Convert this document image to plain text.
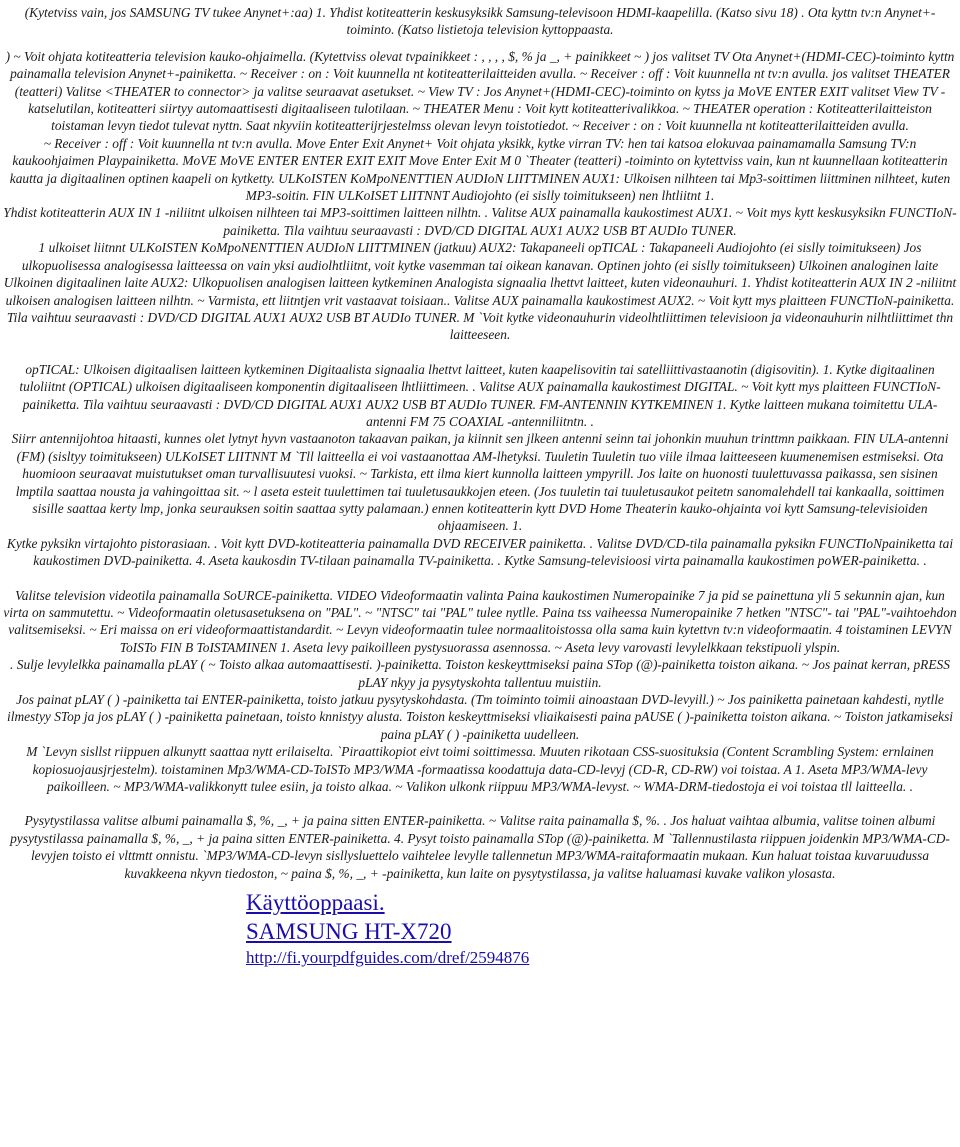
(Kytetviss vain, jos SAMSUNG TV tukee Anynet+:aa) 1. Yhdist kotiteatterin keskusyksikk Samsung-televisoon HDMI-kaapelilla. (Katso sivu 18) . Ota kyttn tv:n Anynet+-toiminto. (Katso listietoja television kyttoppaasta.

) ~ Voit ohjata kotiteatteria television kauko-ohjaimella. (Kytettviss olevat tvpainikkeet : , , , , $, % ja _, + painikkeet ~ ) jos valitset TV Ota Anynet+(HDMI-CEC)-toiminto kyttn painamalla television Anynet+-painiketta. ~ Receiver : on : Voit kuunnella nt kotiteatterilaitteiden avulla. ~ Receiver : off : Voit kuunnella nt tv:n avulla. jos valitset THEATER (teatteri) Valitse <THEATER to connector> ja valitse seuraavat asetukset. ~ View TV : Jos Anynet+(HDMI-CEC)-toiminto on kytss ja MoVE ENTER EXIT valitset View TV -katselutilan, kotiteatteri siirtyy automaattisesti digitaaliseen tulotilaan. ~ THEATER Menu : Voit kytt kotiteatterivalikkoa. ~ THEATER operation : Kotiteatterilaitteiston toistaman levyn tiedot tulevat nyttn. Saat nkyviin kotiteatterijrjestelmss olevan levyn toistotiedot. ~ Receiver : on : Voit kuunnella nt kotiteatterilaitteiden avulla.

~ Receiver : off : Voit kuunnella nt tv:n avulla. Move Enter Exit Anynet+ Voit ohjata yksikk, kytke virran TV: hen tai katsoa elokuvaa painamamalla Samsung TV:n kaukoohjaimen Playpainiketta. MoVE MoVE ENTER ENTER EXIT EXIT Move Enter Exit M 0 `Theater (teatteri) -toiminto on kytettviss vain, kun nt kuunnellaan kotiteatterin kautta ja digitaalinen optinen kaapeli on kytketty. ULKoISTEN KoMpoNENTTIEN AUDIoN LIITTMINEN AUX1: Ulkoisen nilhteen tai Mp3-soittimen liittminen nilhteet, kuten MP3-soitin. FIN ULKoISET LIITNNT Audiojohto (ei sislly toimitukseen) nen lhtliitnt 1.

Yhdist kotiteatterin AUX IN 1 -niliitnt ulkoisen nilhteen tai MP3-soittimen laitteen nilhtn. . Valitse AUX painamalla kaukostimest AUX1. ~ Voit mys kytt keskusyksikn FUNCTIoN-painiketta. Tila vaihtuu seuraavasti : DVD/CD DIGITAL AUX1 AUX2 USB BT AUDIo TUNER.

1 ulkoiset liitnnt ULKoISTEN KoMpoNENTTIEN AUDIoN LIITTMINEN (jatkuu) AUX2: Takapaneeli opTICAL : Takapaneeli Audiojohto (ei sislly toimitukseen) Jos ulkopuolisessa analogisessa laitteessa on vain yksi audiolhtliitnt, voit kytke vasemman tai oikean kanavan. Optinen johto (ei sislly toimitukseen) Ulkoinen analoginen laite Ulkoinen digitaalinen laite AUX2: Ulkopuolisen analogisen laitteen kytkeminen Analogista signaalia lhettvt laitteet, kuten videonauhuri. 1. Yhdist kotiteatterin AUX IN 2 -niliitnt ulkoisen analogisen laitteen nilhtn. ~ Varmista, ett liitntjen vrit vastaavat toisiaan.. Valitse AUX painamalla kaukostimest AUX2. ~ Voit kytt mys plaitteen FUNCTIoN-painiketta. Tila vaihtuu seuraavasti : DVD/CD DIGITAL AUX1 AUX2 USB BT AUDIo TUNER. M `Voit kytke videonauhurin videolhtliittimen televisioon ja videonauhurin nilhtliittimet thn laitteeseen.

opTICAL: Ulkoisen digitaalisen laitteen kytkeminen Digitaalista signaalia lhettvt laitteet, kuten kaapelisovitin tai satelliittivastaanotin (digisovitin). 1. Kytke digitaalinen tuloliitnt (OPTICAL) ulkoisen digitaaliseen komponentin digitaaliseen lhtliittimeen. . Valitse AUX painamalla kaukostimest DIGITAL. ~ Voit kytt mys plaitteen FUNCTIoN-painiketta. Tila vaihtuu seuraavasti : DVD/CD DIGITAL AUX1 AUX2 USB BT AUDIo TUNER. FM-ANTENNIN KYTKEMINEN 1. Kytke laitteen mukana toimitettu ULA-antenni FM 75 COAXIAL -antenniliitntn. .

Siirr antennijohtoa hitaasti, kunnes olet lytnyt hyvn vastaanoton takaavan paikan, ja kiinnit sen jlkeen antenni seinn tai johonkin muuhun trinttmn paikkaan. FIN ULA-antenni (FM) (sisltyy toimitukseen) ULKoISET LIITNNT M `Tll laitteella ei voi vastaanottaa AM-lhetyksi. Tuuletin Tuuletin tuo viile ilmaa laitteeseen kuumenemisen estmiseksi. Ota huomioon seuraavat muistutukset oman turvallisuutesi vuoksi. ~ Tarkista, ett ilma kiert kunnolla laitteen ympyrill. Jos laite on huonosti tuulettuvassa paikassa, sen sisinen lmptila saattaa nousta ja vahingoittaa sit. ~ l aseta esteit tuulettimen tai tuuletusaukkojen eteen. (Jos tuuletin tai tuuletusaukot peitetn sanomalehdell tai kankaalla, soittimen sisille saattaa kerty lmp, jonka seurauksen soitin saattaa sytty palamaan.) ennen kotiteatterin kytt DVD Home Theaterin kauko-ohjainta voi kytt Samsung-televisioiden ohjaamiseen. 1.

Kytke pyksikn virtajohto pistorasiaan. . Voit kytt DVD-kotiteatteria painamalla DVD RECEIVER painiketta. . Valitse DVD/CD-tila painamalla pyksikn FUNCTIoNpainiketta tai kaukostimen DVD-painiketta. 4. Aseta kaukosdin TV-tilaan painamalla TV-painiketta. . Kytke Samsung-televisioosi virta painamalla kaukostimen poWER-painiketta. .

Valitse television videotila painamalla SoURCE-painiketta. VIDEO Videoformaatin valinta Paina kaukostimen Numeropainike 7 ja pid se painettuna yli 5 sekunnin ajan, kun virta on sammutettu. ~ Videoformaatin oletusasetuksena on "PAL". ~ "NTSC" tai "PAL" tulee nytlle. Paina tss vaiheessa Numeropainike 7 hetken "NTSC"- tai "PAL"-vaihtoehdon valitsemiseksi. ~ Eri maissa on eri videoformaattistandardit. ~ Levyn videoformaatin tulee normaalitoistossa olla sama kuin kytettvn tv:n videoformaatin. 4 toistaminen LEVYN ToISTo FIN B ToISTAMINEN 1. Aseta levy paikoilleen pystysuorassa asennossa. ~ Aseta levy varovasti levylelkkaan tekstipuoli ylspin.

. Sulje levylelkka painamalla pLAY ( ~ Toisto alkaa automaattisesti. )-painiketta. Toiston keskeyttmiseksi paina STop (@)-painiketta toiston aikana. ~ Jos painat kerran, pRESS pLAY nkyy ja pysytyskohta tallentuu muistiin.

Jos painat pLAY ( ) -painiketta tai ENTER-painiketta, toisto jatkuu pysytyskohdasta. (Tm toiminto toimii ainoastaan DVD-levyill.) ~ Jos painiketta painetaan kahdesti, nytlle ilmestyy STop ja jos pLAY ( ) -painiketta painetaan, toisto knnistyy alusta. Toiston keskeyttmiseksi vliaikaisesti paina pAUSE ( )-painiketta toiston aikana. ~ Toiston jatkamiseksi paina pLAY ( ) -painiketta uudelleen.

M `Levyn sisllst riippuen alkunytt saattaa nytt erilaiselta. `Piraattikopiot eivt toimi soittimessa. Muuten rikotaan CSS-suosituksia (Content Scrambling System: ernlainen kopiosuojausjrjestelm). toistaminen Mp3/WMA-CD-ToISTo MP3/WMA -formaatissa koodattuja data-CD-levyj (CD-R, CD-RW) voi toistaa. A 1. Aseta MP3/WMA-levy paikoilleen. ~ MP3/WMA-valikkonytt tulee esiin, ja toisto alkaa. ~ Valikon ulkonk riippuu MP3/WMA-levyst. ~ WMA-DRM-tiedostoja ei voi toistaa tll laitteella. .

Pysytystilassa valitse albumi painamalla $, %, _, + ja paina sitten ENTER-painiketta. ~ Valitse raita painamalla $, %. . Jos haluat vaihtaa albumia, valitse toinen albumi pysytystilassa painamalla $, %, _, + ja paina sitten ENTER-painiketta. 4. Pysyt toisto painamalla STop (@)-painiketta. M `Tallennustilasta riippuen joidenkin MP3/WMA-CD-levyjen toisto ei vlttmtt onnistu. `MP3/WMA-CD-levyn sisllysluettelo vaihtelee levylle tallennetun MP3/WMA-raitaformaatin mukaan. Kun haluat toistaa kuvaruudussa kuvakkeena nkyvn tiedoston, ~ paina $, %, _, + -painiketta, kun laite on pysytystilassa, ja valitse haluamasi kuvake valikon ylosasta.

Käyttöoppaasi.
SAMSUNG HT-X720
http://fi.yourpdfguides.com/dref/2594876
